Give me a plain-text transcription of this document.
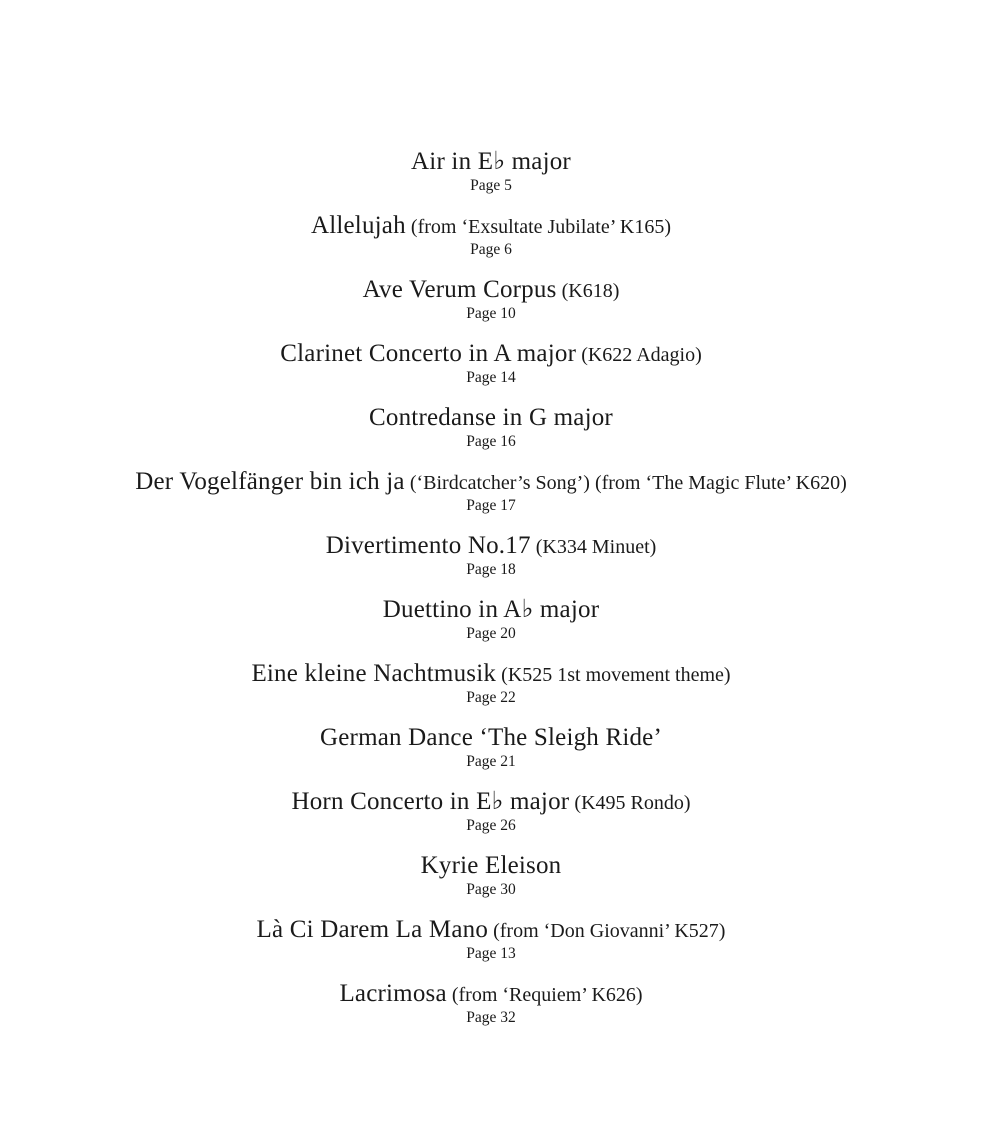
Air in E♭ major
Page 5
Allelujah (from ‘Exsultate Jubilate’ K165)
Page 6
Ave Verum Corpus (K618)
Page 10
Clarinet Concerto in A major (K622 Adagio)
Page 14
Contredanse in G major
Page 16
Der Vogelfänger bin ich ja (‘Birdcatcher’s Song’) (from ‘The Magic Flute’ K620)
Page 17
Divertimento No.17 (K334 Minuet)
Page 18
Duettino in A♭ major
Page 20
Eine kleine Nachtmusik (K525 1st movement theme)
Page 22
German Dance ‘The Sleigh Ride’
Page 21
Horn Concerto in E♭ major (K495 Rondo)
Page 26
Kyrie Eleison
Page 30
Là Ci Darem La Mano (from ‘Don Giovanni’ K527)
Page 13
Lacrimosa (from ‘Requiem’ K626)
Page 32
